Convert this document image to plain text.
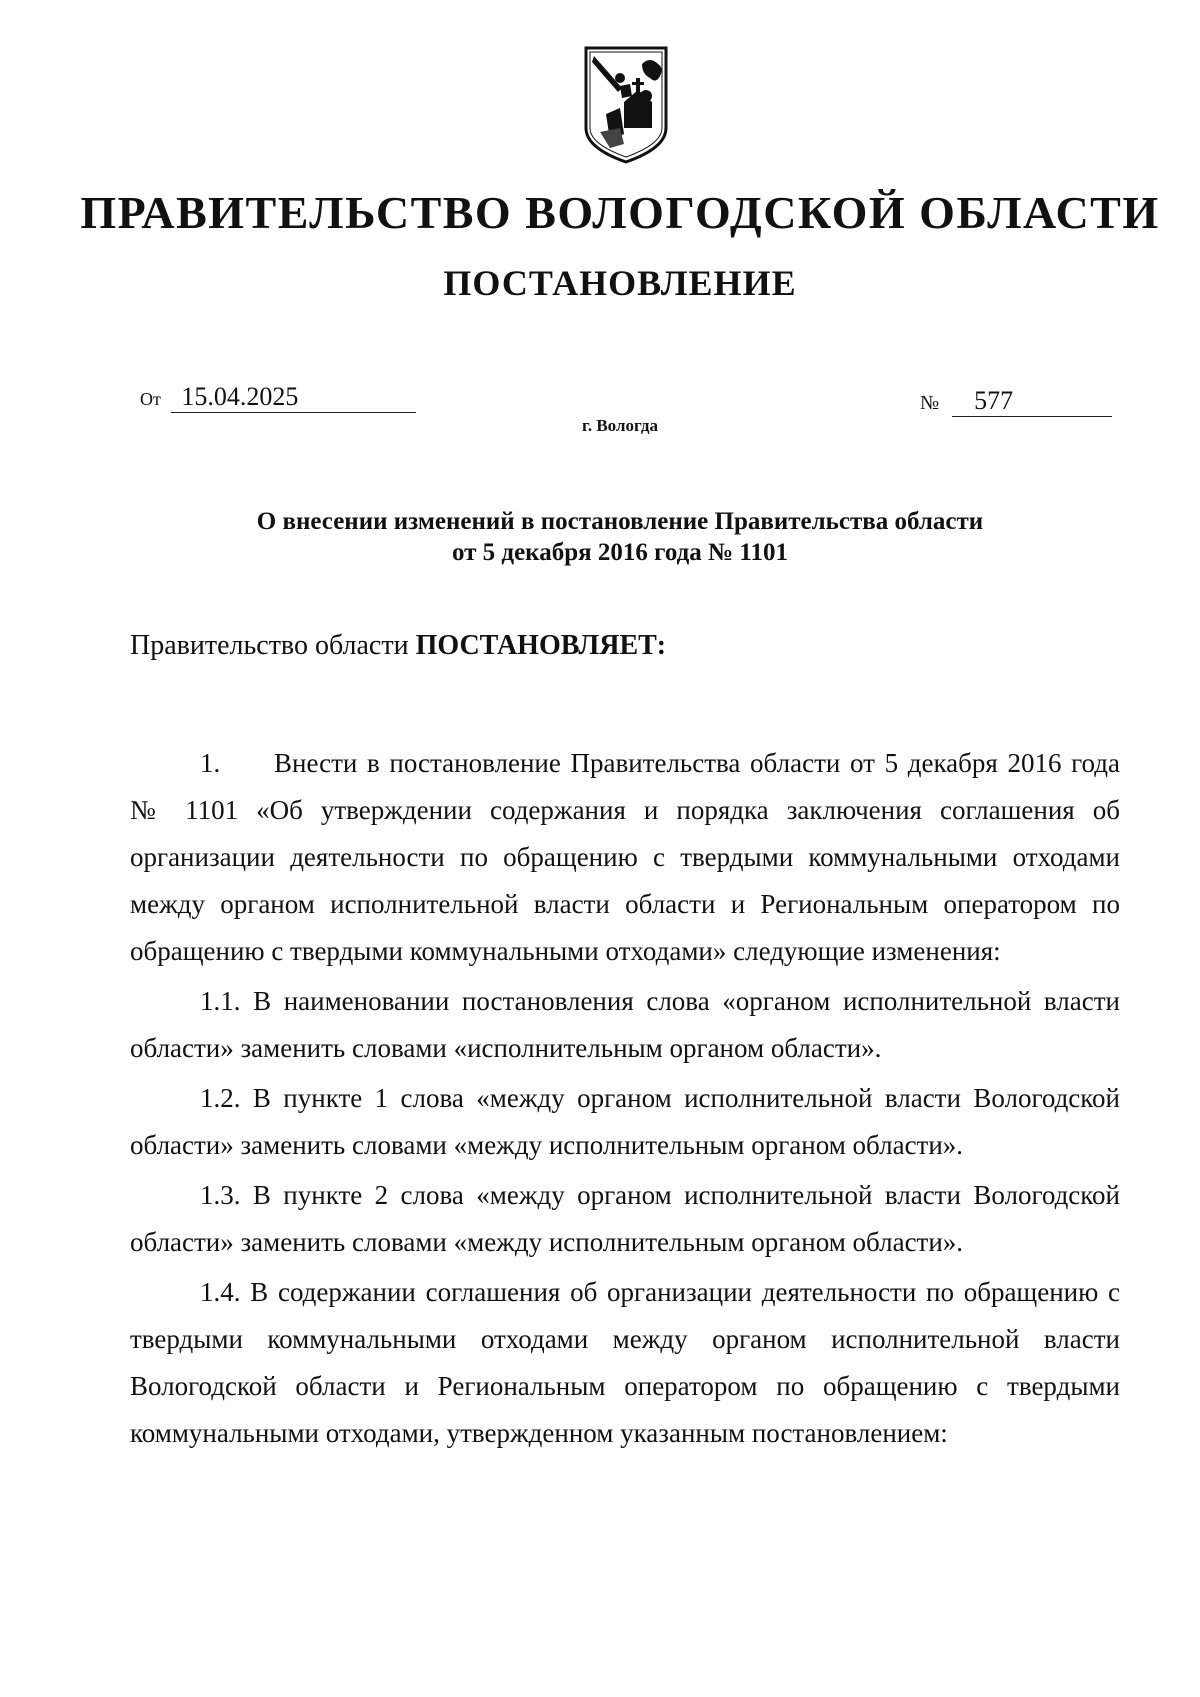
ПРАВИТЕЛЬСТВО ВОЛОГОДСКОЙ ОБЛАСТИ
ПОСТАНОВЛЕНИЕ
От 15.04.2025	№ 577
г. Вологда
О внесении изменений в постановление Правительства области
от 5 декабря 2016 года № 1101
Правительство области ПОСТАНОВЛЯЕТ:

1. Внести в постановление Правительства области от 5 декабря 2016 года № 1101 «Об утверждении содержания и порядка заключения соглашения об организации деятельности по обращению с твердыми коммунальными отходами между органом исполнительной власти области и Региональным оператором по обращению с твердыми коммунальными отходами» следующие изменения:

1.1. В наименовании постановления слова «органом исполнительной власти области» заменить словами «исполнительным органом области».

1.2. В пункте 1 слова «между органом исполнительной власти Вологодской области» заменить словами «между исполнительным органом области».

1.3. В пункте 2 слова «между органом исполнительной власти Вологодской области» заменить словами «между исполнительным органом области».

1.4. В содержании соглашения об организации деятельности по обращению с твердыми коммунальными отходами между органом исполнительной власти Вологодской области и Региональным оператором по обращению с твердыми коммунальными отходами, утвержденном указанным постановлением:
